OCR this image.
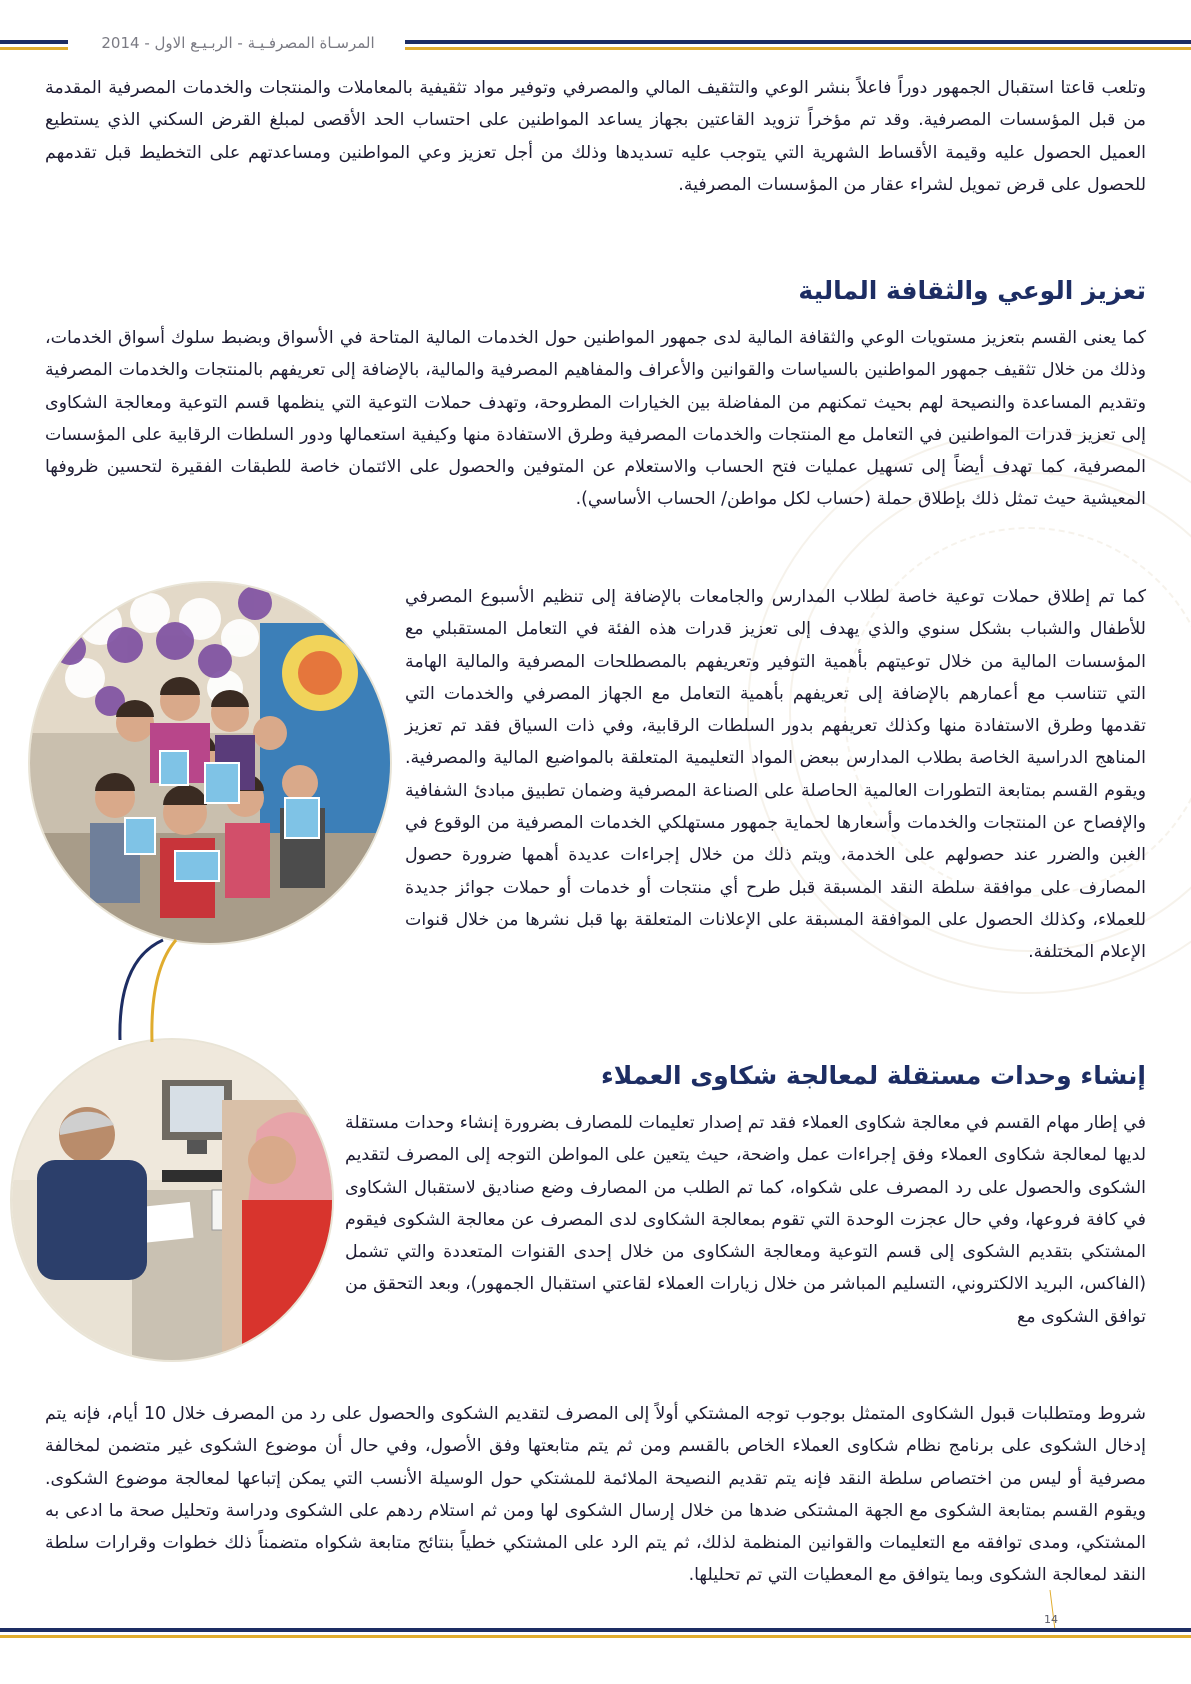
المرسـاة المصرفـيـة - الربـيـع الاول - 2014

وتلعب قاعتا استقبال الجمهور دوراً فاعلاً بنشر الوعي والتثقيف المالي والمصرفي وتوفير مواد تثقيفية بالمعاملات والمنتجات والخدمات المصرفية المقدمة من قبل المؤسسات المصرفية. وقد تم مؤخراً تزويد القاعتين بجهاز يساعد المواطنين على احتساب الحد الأقصى لمبلغ القرض السكني الذي يستطيع العميل الحصول عليه وقيمة الأقساط الشهرية التي يتوجب عليه تسديدها وذلك من أجل تعزيز وعي المواطنين ومساعدتهم على التخطيط قبل تقدمهم للحصول على قرض تمويل لشراء عقار من المؤسسات المصرفية.

تعزيز الوعي والثقافة المالية

كما يعنى القسم بتعزيز مستويات الوعي والثقافة المالية لدى جمهور المواطنين حول الخدمات المالية المتاحة في الأسواق وبضبط سلوك أسواق الخدمات، وذلك من خلال تثقيف جمهور المواطنين بالسياسات والقوانين والأعراف والمفاهيم المصرفية والمالية، بالإضافة إلى تعريفهم بالمنتجات والخدمات المصرفية وتقديم المساعدة والنصيحة لهم بحيث تمكنهم من المفاضلة بين الخيارات المطروحة، وتهدف حملات التوعية التي ينظمها قسم التوعية ومعالجة الشكاوى إلى تعزيز قدرات المواطنين في التعامل مع المنتجات والخدمات المصرفية وطرق الاستفادة منها وكيفية استعمالها ودور السلطات الرقابية على المؤسسات المصرفية، كما تهدف أيضاً إلى تسهيل عمليات فتح الحساب والاستعلام عن المتوفين والحصول على الائتمان خاصة للطبقات الفقيرة لتحسين ظروفها المعيشية حيث تمثل ذلك بإطلاق حملة (حساب لكل مواطن/ الحساب الأساسي).

كما تم إطلاق حملات توعية خاصة لطلاب المدارس والجامعات بالإضافة إلى تنظيم الأسبوع المصرفي للأطفال والشباب بشكل سنوي والذي يهدف إلى تعزيز قدرات هذه الفئة في التعامل المستقبلي مع المؤسسات المالية من خلال توعيتهم بأهمية التوفير وتعريفهم بالمصطلحات المصرفية والمالية الهامة التي تتناسب مع أعمارهم بالإضافة إلى تعريفهم بأهمية التعامل مع الجهاز المصرفي والخدمات التي تقدمها وطرق الاستفادة منها وكذلك تعريفهم بدور السلطات الرقابية، وفي ذات السياق فقد تم تعزيز المناهج الدراسية الخاصة بطلاب المدارس ببعض المواد التعليمية المتعلقة بالمواضيع المالية والمصرفية. ويقوم القسم بمتابعة التطورات العالمية الحاصلة على الصناعة المصرفية وضمان تطبيق مبادئ الشفافية والإفصاح عن المنتجات والخدمات وأسعارها لحماية جمهور مستهلكي الخدمات المصرفية من الوقوع في الغبن والضرر عند حصولهم على الخدمة، ويتم ذلك من خلال إجراءات عديدة أهمها ضرورة حصول المصارف على موافقة سلطة النقد المسبقة قبل طرح أي منتجات أو خدمات أو حملات جوائز جديدة للعملاء، وكذلك الحصول على الموافقة المسبقة على الإعلانات المتعلقة بها قبل نشرها من خلال قنوات الإعلام المختلفة.

إنشاء وحدات مستقلة لمعالجة شكاوى العملاء

في إطار مهام القسم في معالجة شكاوى العملاء فقد تم إصدار تعليمات للمصارف بضرورة إنشاء وحدات مستقلة لديها لمعالجة شكاوى العملاء وفق إجراءات عمل واضحة، حيث يتعين على المواطن التوجه إلى المصرف لتقديم الشكوى والحصول على رد المصرف على شكواه، كما تم الطلب من المصارف وضع صناديق لاستقبال الشكاوى في كافة فروعها، وفي حال عجزت الوحدة التي تقوم بمعالجة الشكاوى لدى المصرف عن معالجة الشكوى فيقوم المشتكي بتقديم الشكوى إلى قسم التوعية ومعالجة الشكاوى من خلال إحدى القنوات المتعددة والتي تشمل (الفاكس، البريد الالكتروني، التسليم المباشر من خلال زيارات العملاء لقاعتي استقبال الجمهور)، وبعد التحقق من توافق الشكوى مع

شروط ومتطلبات قبول الشكاوى المتمثل بوجوب توجه المشتكي أولاً إلى المصرف لتقديم الشكوى والحصول على رد من المصرف خلال 10 أيام، فإنه يتم إدخال الشكوى على برنامج نظام شكاوى العملاء الخاص بالقسم ومن ثم يتم متابعتها وفق الأصول، وفي حال أن موضوع الشكوى غير متضمن لمخالفة مصرفية أو ليس من اختصاص سلطة النقد فإنه يتم تقديم النصيحة الملائمة للمشتكي حول الوسيلة الأنسب التي يمكن إتباعها لمعالجة موضوع الشكوى. ويقوم القسم بمتابعة الشكوى مع الجهة المشتكى ضدها من خلال إرسال الشكوى لها ومن ثم استلام ردهم على الشكوى ودراسة وتحليل صحة ما ادعى به المشتكي، ومدى توافقه مع التعليمات والقوانين المنظمة لذلك، ثم يتم الرد على المشتكي خطياً بنتائج متابعة شكواه متضمناً ذلك خطوات وقرارات سلطة النقد لمعالجة الشكوى وبما يتوافق مع المعطيات التي تم تحليلها.

14
